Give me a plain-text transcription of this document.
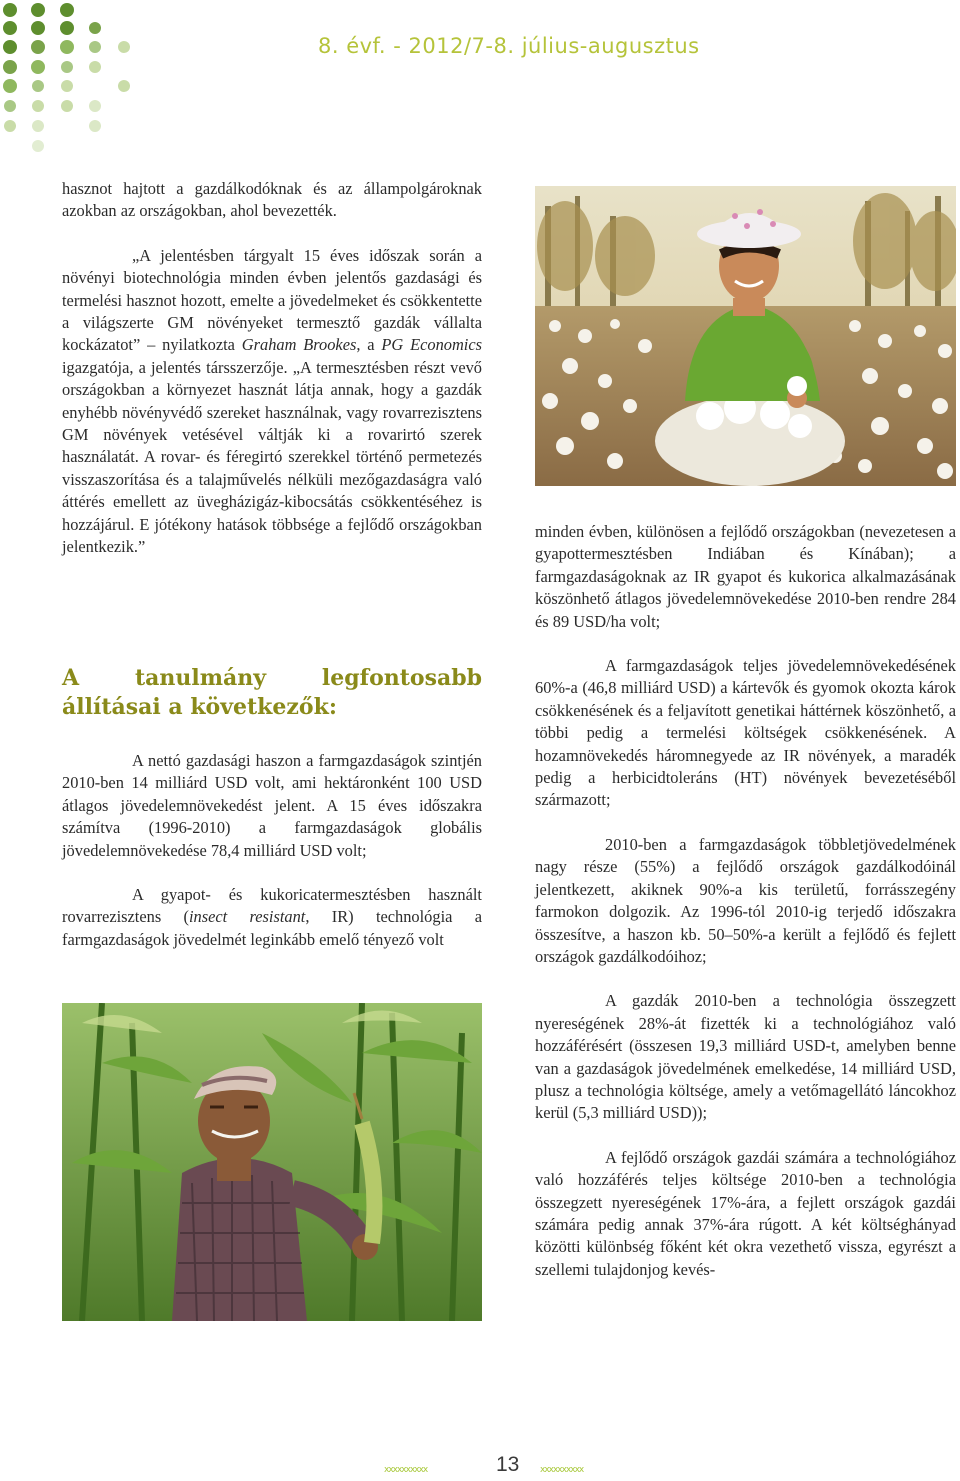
8. évf. - 2012/7-8. július-augusztus

hasznot hajtott a gazdálkodóknak és az állampolgároknak azokban az országokban, ahol bevezették.

„A jelentésben tárgyalt 15 éves időszak során a növényi biotechnológia minden évben jelentős gazdasági és termelési hasznot hozott, emelte a jövedelmeket és csökkentette a világszerte GM növényeket termesztő gazdák vállalta kockázatot” – nyilatkozta Graham Brookes, a PG Economics igazgatója, a jelentés társszerzője. „A termesztésben részt vevő országokban a környezet hasznát látja annak, hogy a gazdák enyhébb növényvédő szereket használnak, vagy rovarrezisztens GM növények vetésével váltják ki a rovarirtó szerek használatát. A rovar- és féregirtó szerekkel történő permetezés visszaszorítása és a talajművelés nélküli mezőgazdaságra való áttérés emellett az üvegházigáz-kibocsátás csökkentéséhez is hozzájárul. E jótékony hatások többsége a fejlődő országokban jelentkezik.”

A tanulmány legfontosabb állításai a következők:

A nettó gazdasági haszon a farmgazdaságok szintjén 2010-ben 14 milliárd USD volt, ami hektáronként 100 USD átlagos jövedelemnövekedést jelent. A 15 éves időszakra számítva (1996-2010) a farmgazdaságok globális jövedelemnövekedése 78,4 milliárd USD volt;

A gyapot- és kukoricatermesztésben használt rovarrezisztens (insect resistant, IR) technológia a farmgazdaságok jövedelmét leginkább emelő tényező volt

minden évben, különösen a fejlődő országokban (nevezetesen a gyapottermesztésben Indiában és Kínában); a farmgazdaságoknak az IR gyapot és kukorica alkalmazásának köszönhető átlagos jövedelemnövekedése 2010-ben rendre 284 és 89 USD/ha volt;

A farmgazdaságok teljes jövedelemnövekedésének 60%-a (46,8 milliárd USD) a kártevők és gyomok okozta károk csökkenésének és a feljavított genetikai háttérnek köszönhető, a többi pedig a termelési költségek csökkenésének. A hozamnövekedés háromnegyede az IR növények, a maradék pedig a herbicidtoleráns (HT) növények bevezetéséből származott;

2010-ben a farmgazdaságok többletjövedelmének nagy része (55%) a fejlődő országok gazdálkodóinál jelentkezett, akiknek 90%-a kis területű, forrásszegény farmokon dolgozik. Az 1996-tól 2010-ig terjedő időszakra összesítve, a haszon kb. 50–50%-a került a fejlődő és fejlett országok gazdálkodóihoz;

A gazdák 2010-ben a technológia összegzett nyereségének 28%-át fizették ki a technológiához való hozzáférésért (összesen 19,3 milliárd USD-t, amelyben benne van a gazdaságok jövedelmének emelkedése, 14 milliárd USD, plusz a technológia költsége, amely a vetőmagellátó láncokhoz kerül (5,3 milliárd USD));

A fejlődő országok gazdái számára a technológiához való hozzáférés teljes költsége 2010-ben a technológia összegzett nyereségének 17%-ára, a fejlett országok gazdái számára pedig annak 37%-ára rúgott. A két költséghányad közötti különbség főként két okra vezethető vissza, egyrészt a szellemi tulajdonjog kevés-

xxxxxxxxxx	13 xxxxxxxxxx
